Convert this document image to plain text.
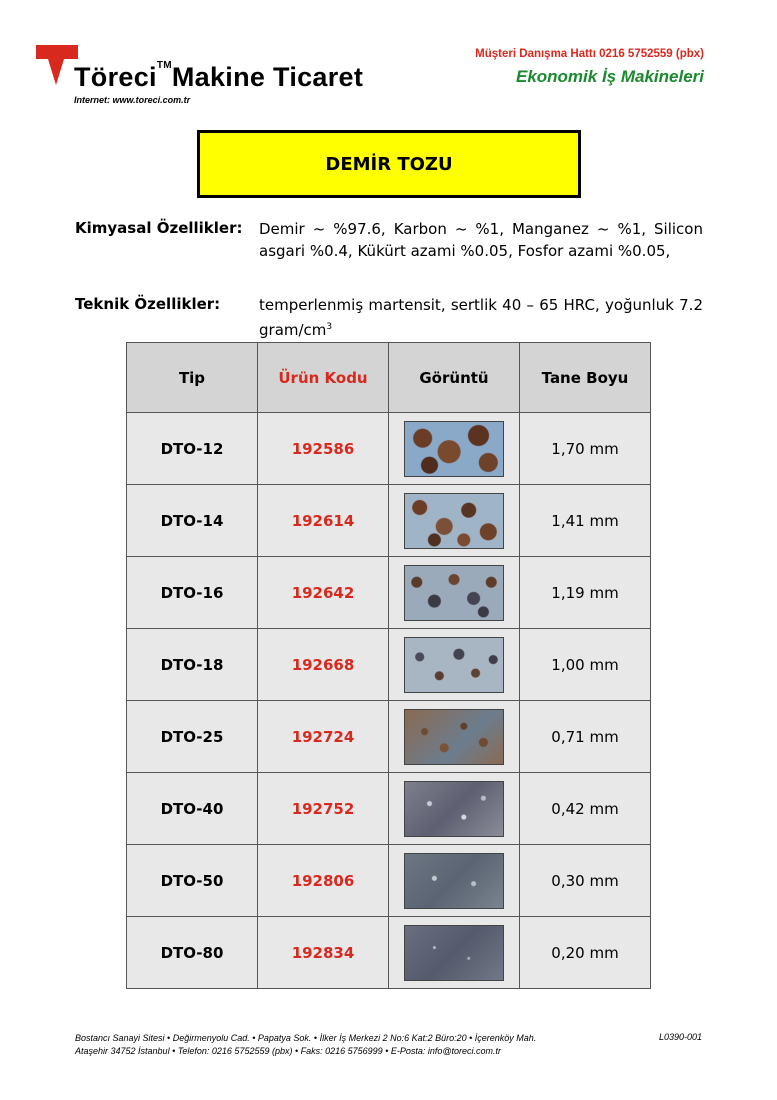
Töreci™Makine Ticaret
Internet: www.toreci.com.tr
Müşteri Danışma Hattı 0216 5752559 (pbx)
Ekonomik İş Makineleri
DEMİR TOZU
Kimyasal Özellikler: Demir ~ %97.6, Karbon ~ %1, Manganez ~ %1, Silicon asgari %0.4, Kükürt azami %0.05, Fosfor azami %0.05,
Teknik Özellikler:	temperlenmiş martensit, sertlik 40 – 65 HRC, yoğunluk 7.2 gram/$cm^3$
Tip	Ürün Kodu	Görüntü	Tane Boyu
DTO-12	192586		1,70 mm
DTO-14	192614		1,41 mm
DTO-16	192642		1,19 mm
DTO-18	192668		1,00 mm
DTO-25	192724		0,71 mm
DTO-40	192752		0,42 mm
DTO-50	192806		0,30 mm
DTO-80	192834		0,20 mm
Bostancı Sanayi Sitesi • Değirmenyolu Cad. • Papatya Sok. • İlker İş Merkezi 2 No:6 Kat:2 Büro:20 • İçerenköy Mah.
Ataşehir 34752 İstanbul • Telefon: 0216 5752559 (pbx) • Faks: 0216 5756999 • E-Posta: info@toreci.com.tr
L0390-001
